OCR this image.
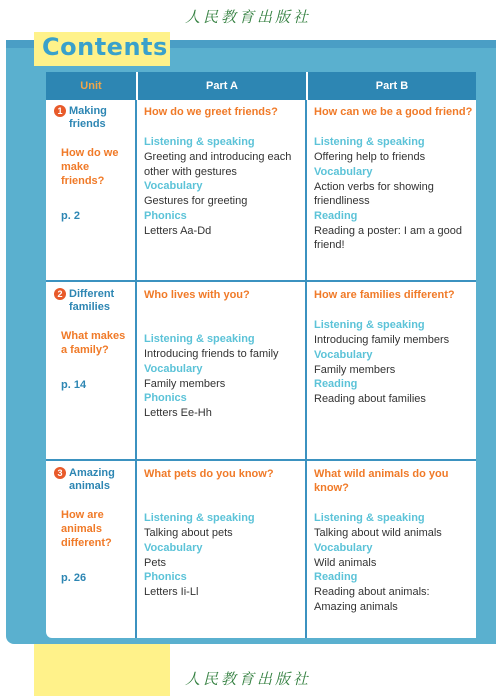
人民教育出版社
Contents
Unit	Part A	Part B
1 Making friends
How do we make friends?
p. 2
How do we greet friends?
Listening & speaking
Greeting and introducing each other with gestures
Vocabulary
Gestures for greeting
Phonics
Letters Aa-Dd
How can we be a good friend?
Listening & speaking
Offering help to friends
Vocabulary
Action verbs for showing friendliness
Reading
Reading a poster: I am a good friend!
2 Different families
What makes a family?
p. 14
Who lives with you?
Listening & speaking
Introducing friends to family
Vocabulary
Family members
Phonics
Letters Ee-Hh
How are families different?
Listening & speaking
Introducing family members
Vocabulary
Family members
Reading
Reading about families
3 Amazing animals
How are animals different?
p. 26
What pets do you know?
Listening & speaking
Talking about pets
Vocabulary
Pets
Phonics
Letters Ii-Ll
What wild animals do you know?
Listening & speaking
Talking about wild animals
Vocabulary
Wild animals
Reading
Reading about animals: Amazing animals
人民教育出版社
